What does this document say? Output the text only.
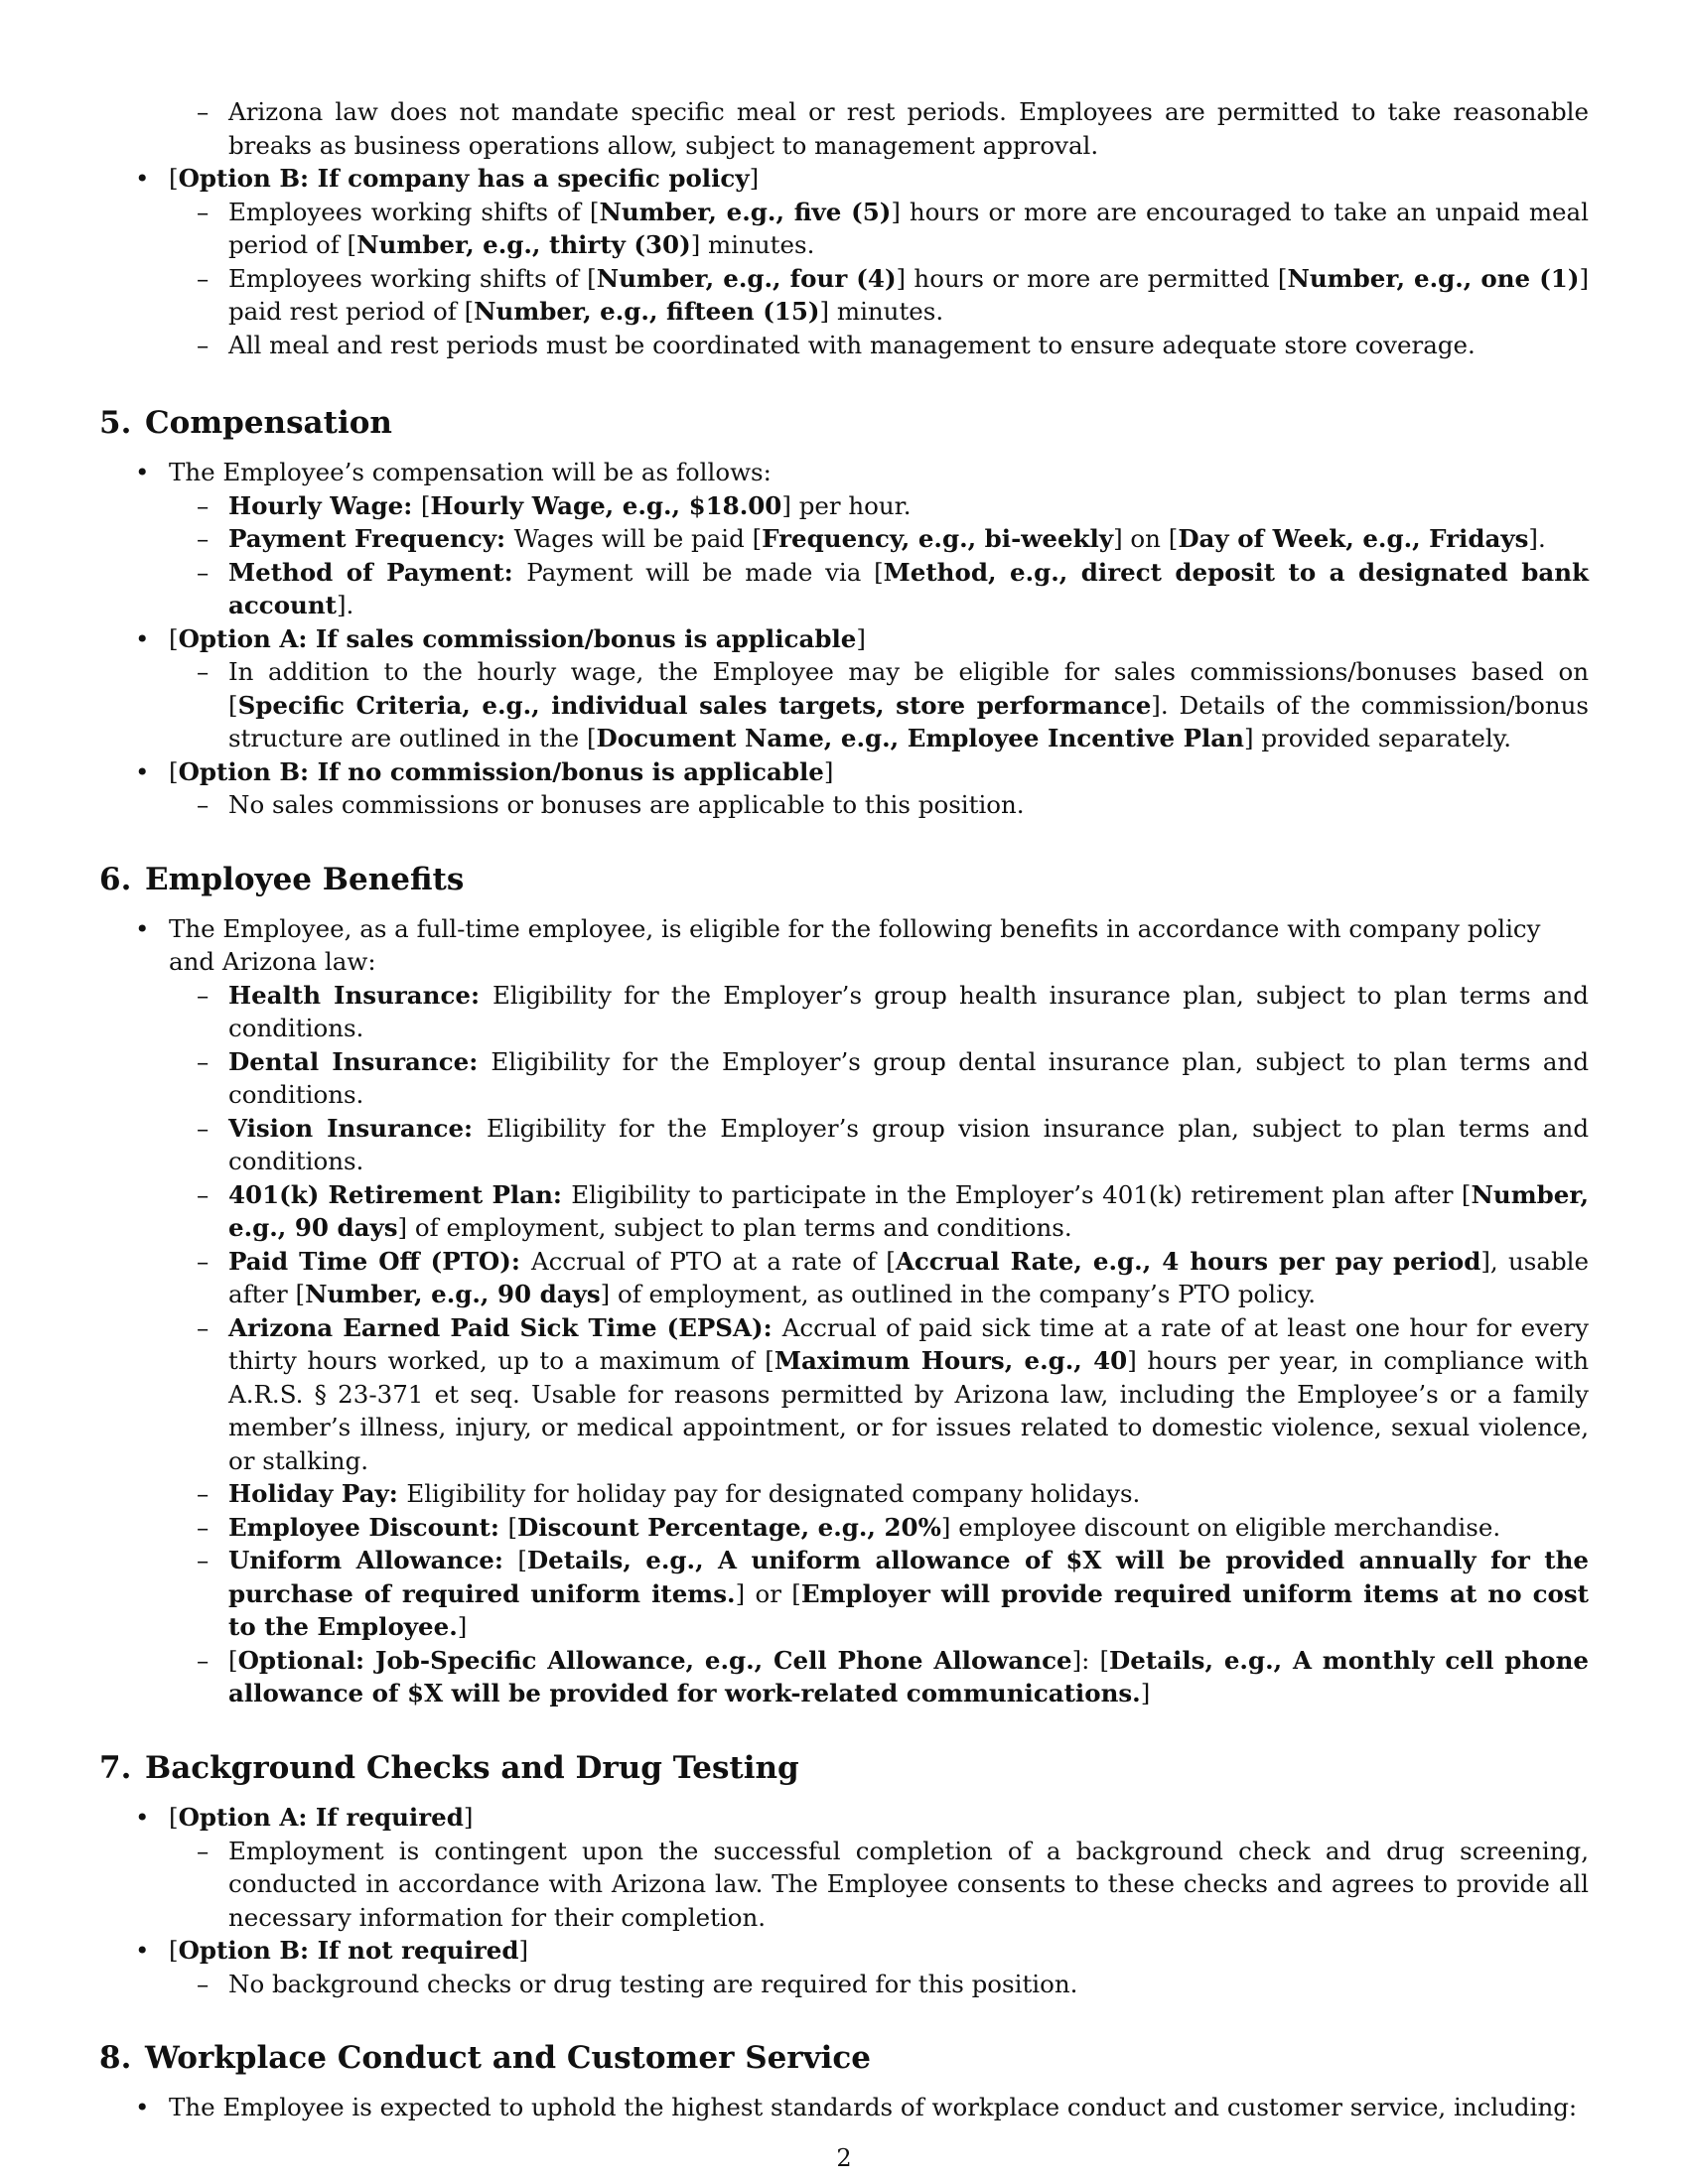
– Arizona law does not mandate specific meal or rest periods. Employees are permitted to take reasonable breaks as business operations allow, subject to management approval.
• [Option B: If company has a specific policy]
– Employees working shifts of [Number, e.g., five (5)] hours or more are encouraged to take an unpaid meal period of [Number, e.g., thirty (30)] minutes.
– Employees working shifts of [Number, e.g., four (4)] hours or more are permitted [Number, e.g., one (1)] paid rest period of [Number, e.g., fifteen (15)] minutes.
– All meal and rest periods must be coordinated with management to ensure adequate store coverage.
5. Compensation
• The Employee’s compensation will be as follows:
– Hourly Wage: [Hourly Wage, e.g., $18.00] per hour.
– Payment Frequency: Wages will be paid [Frequency, e.g., bi-weekly] on [Day of Week, e.g., Fridays].
– Method of Payment: Payment will be made via [Method, e.g., direct deposit to a designated bank account].
• [Option A: If sales commission/bonus is applicable]
– In addition to the hourly wage, the Employee may be eligible for sales commissions/bonuses based on [Specific Criteria, e.g., individual sales targets, store performance]. Details of the commission/bonus structure are outlined in the [Document Name, e.g., Employee Incentive Plan] provided separately.
• [Option B: If no commission/bonus is applicable]
– No sales commissions or bonuses are applicable to this position.
6. Employee Benefits
• The Employee, as a full-time employee, is eligible for the following benefits in accordance with company policy and Arizona law:
– Health Insurance: Eligibility for the Employer’s group health insurance plan, subject to plan terms and conditions.
– Dental Insurance: Eligibility for the Employer’s group dental insurance plan, subject to plan terms and conditions.
– Vision Insurance: Eligibility for the Employer’s group vision insurance plan, subject to plan terms and conditions.
– 401(k) Retirement Plan: Eligibility to participate in the Employer’s 401(k) retirement plan after [Number, e.g., 90 days] of employment, subject to plan terms and conditions.
– Paid Time Off (PTO): Accrual of PTO at a rate of [Accrual Rate, e.g., 4 hours per pay period], usable after [Number, e.g., 90 days] of employment, as outlined in the company’s PTO policy.
– Arizona Earned Paid Sick Time (EPSA): Accrual of paid sick time at a rate of at least one hour for every thirty hours worked, up to a maximum of [Maximum Hours, e.g., 40] hours per year, in compliance with A.R.S. § 23-371 et seq. Usable for reasons permitted by Arizona law, including the Employee’s or a family member’s illness, injury, or medical appointment, or for issues related to domestic violence, sexual violence, or stalking.
– Holiday Pay: Eligibility for holiday pay for designated company holidays.
– Employee Discount: [Discount Percentage, e.g., 20%] employee discount on eligible merchandise.
– Uniform Allowance: [Details, e.g., A uniform allowance of $X will be provided annually for the purchase of required uniform items.] or [Employer will provide required uniform items at no cost to the Employee.]
– [Optional: Job-Specific Allowance, e.g., Cell Phone Allowance]: [Details, e.g., A monthly cell phone allowance of $X will be provided for work-related communications.]
7. Background Checks and Drug Testing
• [Option A: If required]
– Employment is contingent upon the successful completion of a background check and drug screening, conducted in accordance with Arizona law. The Employee consents to these checks and agrees to provide all necessary information for their completion.
• [Option B: If not required]
– No background checks or drug testing are required for this position.
8. Workplace Conduct and Customer Service
• The Employee is expected to uphold the highest standards of workplace conduct and customer service, including:
2
